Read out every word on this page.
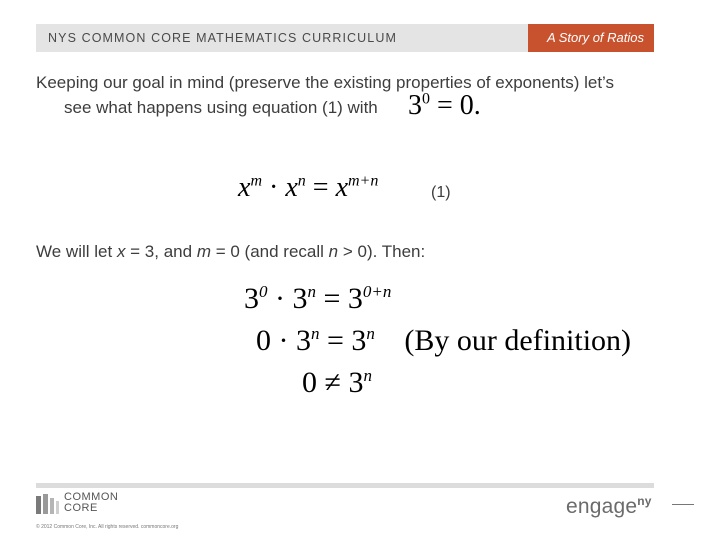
NYS COMMON CORE MATHEMATICS CURRICULUM	A Story of Ratios
Keeping our goal in mind (preserve the existing properties of exponents) let’s
see what happens using equation (1) with	$3^0 = 0$.
$x^m \cdot x^n = x^{m+n}$
(1)
We will let x = 3, and m = 0 (and recall n > 0). Then:
$3^0 \cdot 3^n = 3^{0+n}$
$0 \cdot 3^n = 3^n$ (By our definition)
$0 \ne 3^n$
COMMON
CORE
© 2012 Common Core, Inc. All rights reserved. commoncore.org
engage$^{ny}$
